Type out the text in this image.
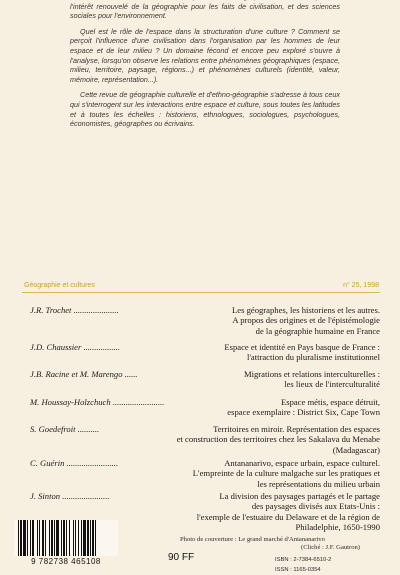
l'intérêt renouvelé de la géographie pour les faits de civilisation, et des sciences sociales pour l'environnement.

Quel est le rôle de l'espace dans la structuration d'une culture ? Comment se perçoit l'influence d'une civilisation dans l'organisation par les hommes de leur espace et de leur milieu ? Un domaine fécond et encore peu exploré s'ouvre à l'analyse, lorsqu'on observe les relations entre phénomènes géographiques (espace, milieu, territoire, paysage, régions...) et phénomènes culturels (identité, valeur, mémoire, représentation...).

Cette revue de géographie culturelle et d'ethno-géographie s'adresse à tous ceux qui s'interrogent sur les interactions entre espace et culture, sous toutes les latitudes et à toutes les échelles : historiens, ethnologues, sociologues, psychologues, économistes, géographes ou écrivains.

Géographie et cultures	n° 25, 1998
J.R. Trochet .....................	Les géographes, les historiens et les autres.
A propos des origines et de l'épistémologie
de la géographie humaine en France
J.D. Chaussier .................	Espace et identité en Pays basque de France :
l'attraction du pluralisme institutionnel
J.B. Racine et M. Marengo ......	Migrations et relations interculturelles :
les lieux de l'interculturalité
M. Houssay-Holzchuch ........................	Espace métis, espace détruit,
espace exemplaire : District Six, Cape Town
S. Goedefroit ..........	Territoires en miroir. Représentation des espaces
et construction des territoires chez les Sakalava du Menabe
(Madagascar)
C. Guérin ........................	Antananarivo, espace urbain, espace culturel.
L'empreinte de la culture malgache sur les pratiques et
les représentations du milieu urbain
J. Sinton ......................	La division des paysages partagés et le partage
des paysages divisés aux Etats-Unis :
l'exemple de l'estuaire du Delaware et de la région de
Philadelphie, 1650-1990
Photo de couverture : Le grand marché d'Antananarivo
(Cliché : J.F. Gautron)
ISBN : 2-7384-6510-2
ISSN : 1165-0354
9 782738 465108	90 FF
